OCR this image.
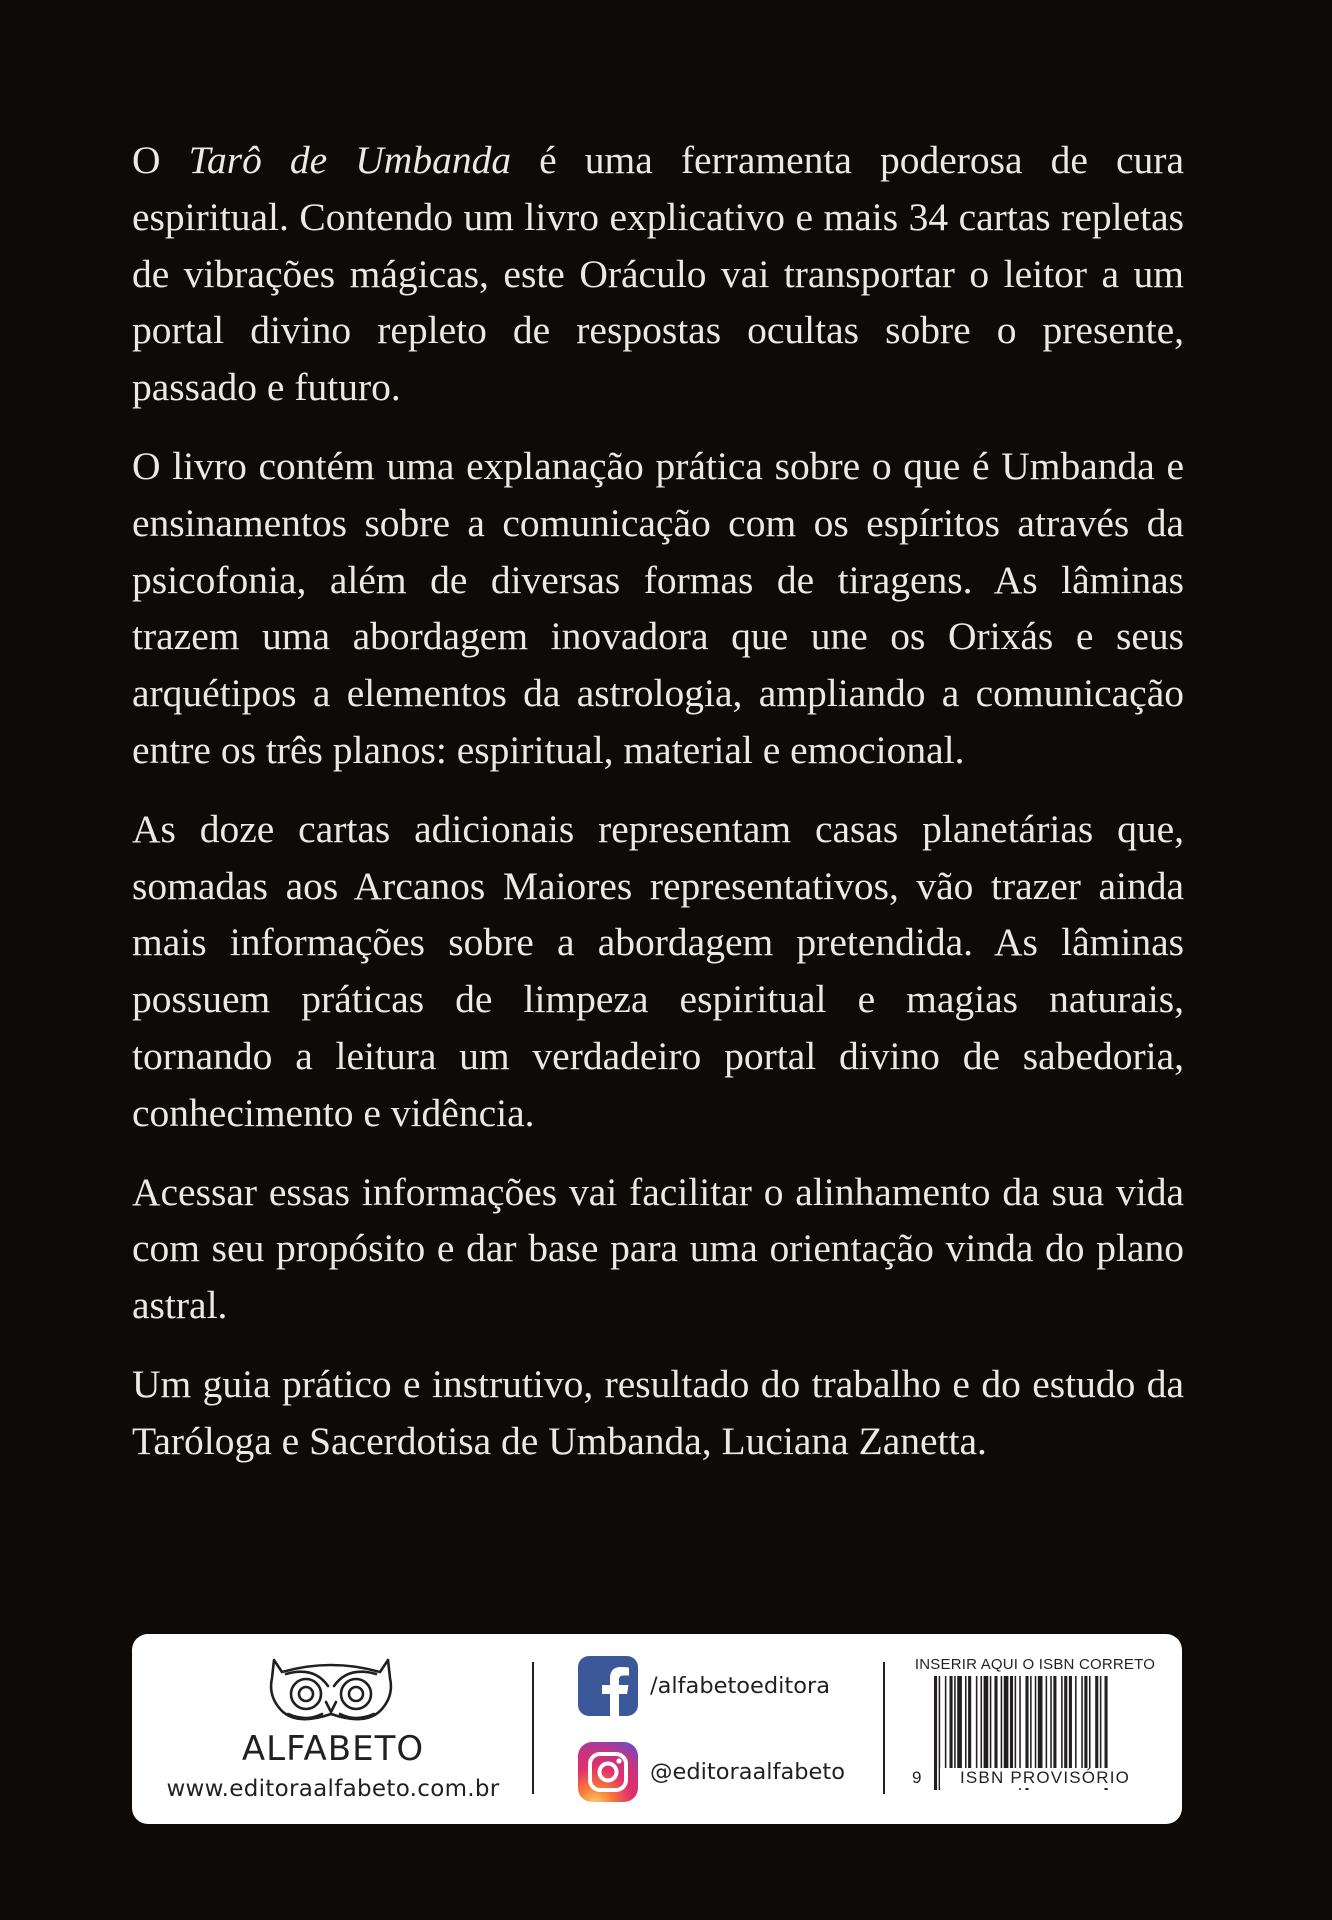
O Tarô de Umbanda é uma ferramenta poderosa de cura espiritual. Contendo um livro explicativo e mais 34 cartas repletas de vibrações mágicas, este Oráculo vai transportar o leitor a um portal divino repleto de respostas ocultas sobre o presente, passado e futuro.

O livro contém uma explanação prática sobre o que é Umbanda e ensinamentos sobre a comunicação com os espíritos através da psicofonia, além de diversas formas de tiragens. As lâminas trazem uma abordagem inovadora que une os Orixás e seus arquétipos a elementos da astrologia, ampliando a comunicação entre os três planos: espiritual, material e emocional.

As doze cartas adicionais representam casas planetárias que, somadas aos Arcanos Maiores representativos, vão trazer ainda mais informações sobre a abordagem pretendida. As lâminas possuem práticas de limpeza espiritual e magias naturais, tornando a leitura um verdadeiro portal divino de sabedoria, conhecimento e vidência.

Acessar essas informações vai facilitar o alinhamento da sua vida com seu propósito e dar base para uma orientação vinda do plano astral.

Um guia prático e instrutivo, resultado do trabalho e do estudo da Taróloga e Sacerdotisa de Umbanda, Luciana Zanetta.

ALFABETO
www.editoraalfabeto.com.br
/alfabetoeditora
@editoraalfabeto
INSERIR AQUI O ISBN CORRETO
9	ISBN PROVISÓRIO
